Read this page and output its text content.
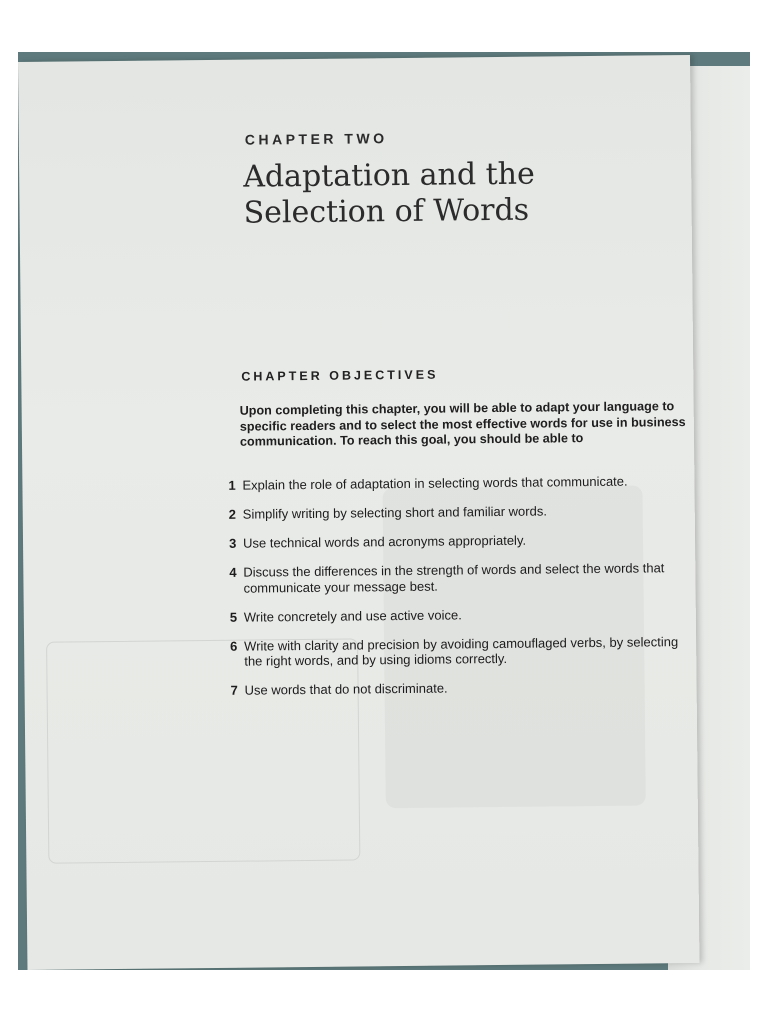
CHAPTER TWO
Adaptation and the
Selection of Words
CHAPTER OBJECTIVES
Upon completing this chapter, you will be able to adapt your language to specific readers and to select the most effective words for use in business communication. To reach this goal, you should be able to
1 Explain the role of adaptation in selecting words that communicate.
2 Simplify writing by selecting short and familiar words.
3 Use technical words and acronyms appropriately.
4 Discuss the differences in the strength of words and select the words that communicate your message best.
5 Write concretely and use active voice.
6 Write with clarity and precision by avoiding camouflaged verbs, by selecting the right words, and by using idioms correctly.
7 Use words that do not discriminate.
